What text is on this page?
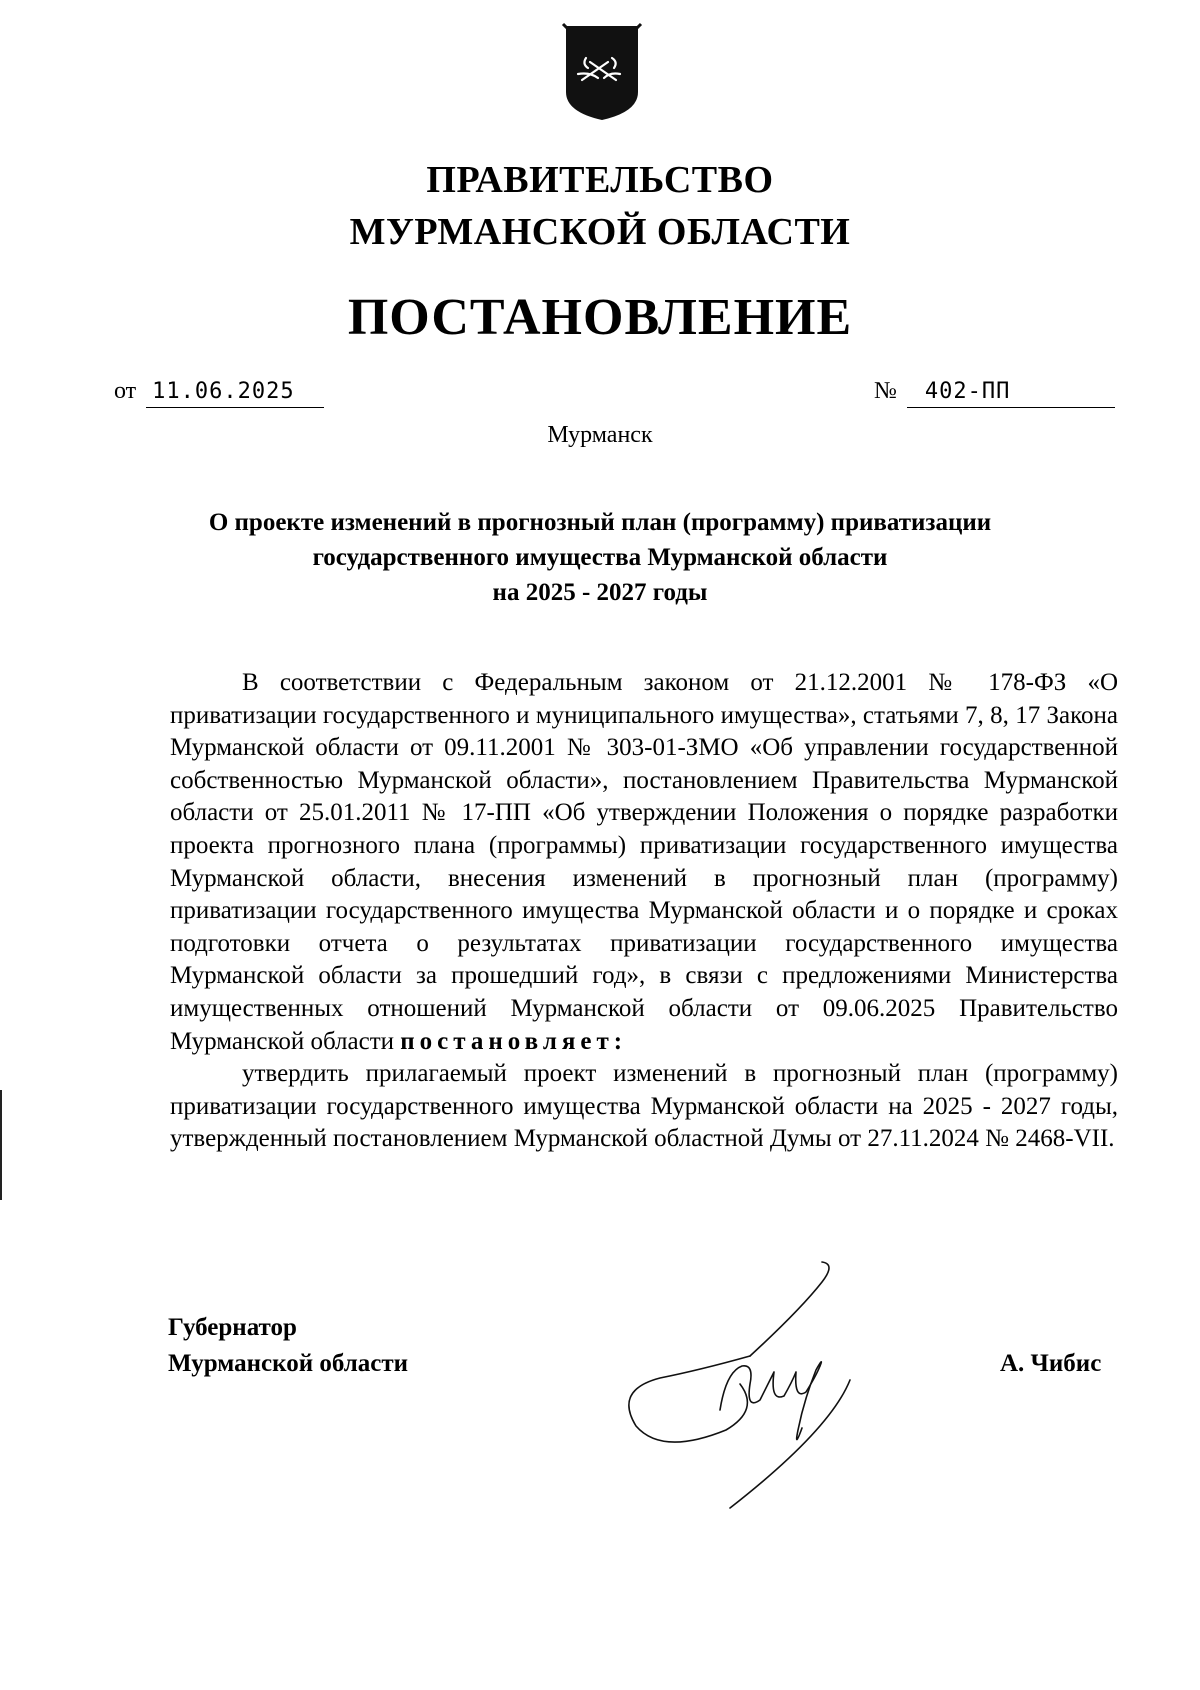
ПРАВИТЕЛЬСТВО
МУРМАНСКОЙ ОБЛАСТИ
ПОСТАНОВЛЕНИЕ
от 11.06.2025	№ 402-ПП
Мурманск
О проекте изменений в прогнозный план (программу) приватизации
государственного имущества Мурманской области
на 2025 - 2027 годы

В соответствии с Федеральным законом от 21.12.2001 № 178-ФЗ «О приватизации государственного и муниципального имущества», статьями 7, 8, 17 Закона Мурманской области от 09.11.2001 № 303-01-ЗМО «Об управлении государственной собственностью Мурманской области», постановлением Правительства Мурманской области от 25.01.2011 № 17-ПП «Об утверждении Положения о порядке разработки проекта прогнозного плана (программы) приватизации государственного имущества Мурманской области, внесения изменений в прогнозный план (программу) приватизации государственного имущества Мурманской области и о порядке и сроках подготовки отчета о результатах приватизации государственного имущества Мурманской области за прошедший год», в связи с предложениями Министерства имущественных отношений Мурманской области от 09.06.2025 Правительство Мурманской области постановляет:

утвердить прилагаемый проект изменений в прогнозный план (программу) приватизации государственного имущества Мурманской области на 2025 - 2027 годы, утвержденный постановлением Мурманской областной Думы от 27.11.2024 № 2468-VII.

Губернатор
Мурманской области	А. Чибис
